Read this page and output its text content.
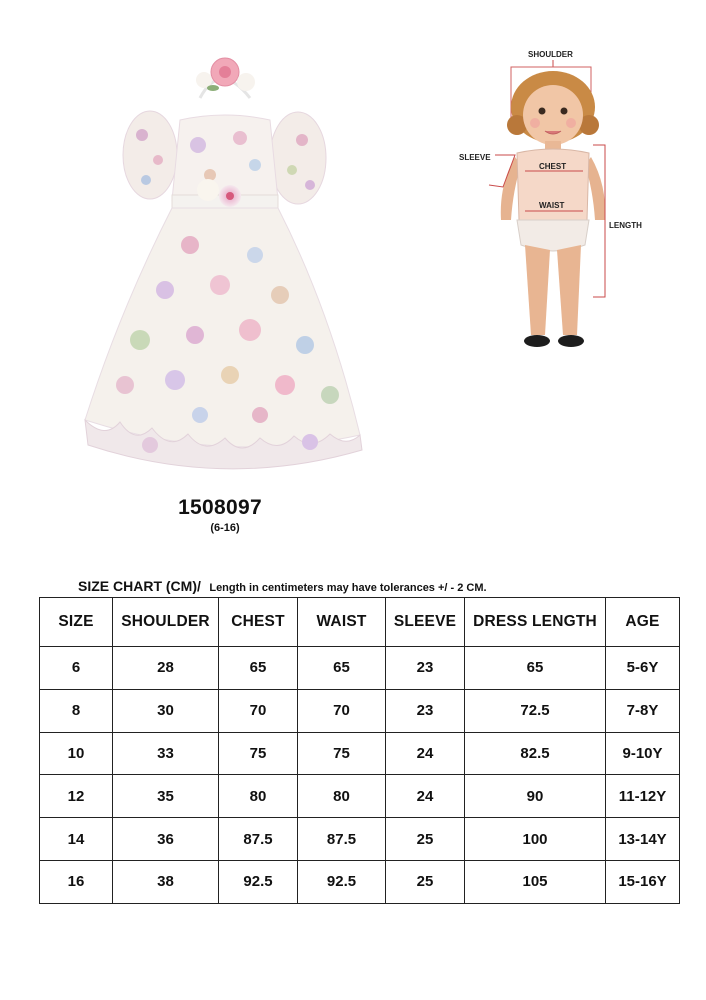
SHOULDER
CHEST
WAIST
SLEEVE
LENGTH
1508097
(6-16)
SIZE CHART (CM)/ Length in centimeters may have tolerances +/ - 2 CM.
SIZE	SHOULDER	CHEST	WAIST	SLEEVE	DRESS LENGTH	AGE
6	28	65	65	23	65	5-6Y
8	30	70	70	23	72.5	7-8Y
10	33	75	75	24	82.5	9-10Y
12	35	80	80	24	90	11-12Y
14	36	87.5	87.5	25	100	13-14Y
16	38	92.5	92.5	25	105	15-16Y
